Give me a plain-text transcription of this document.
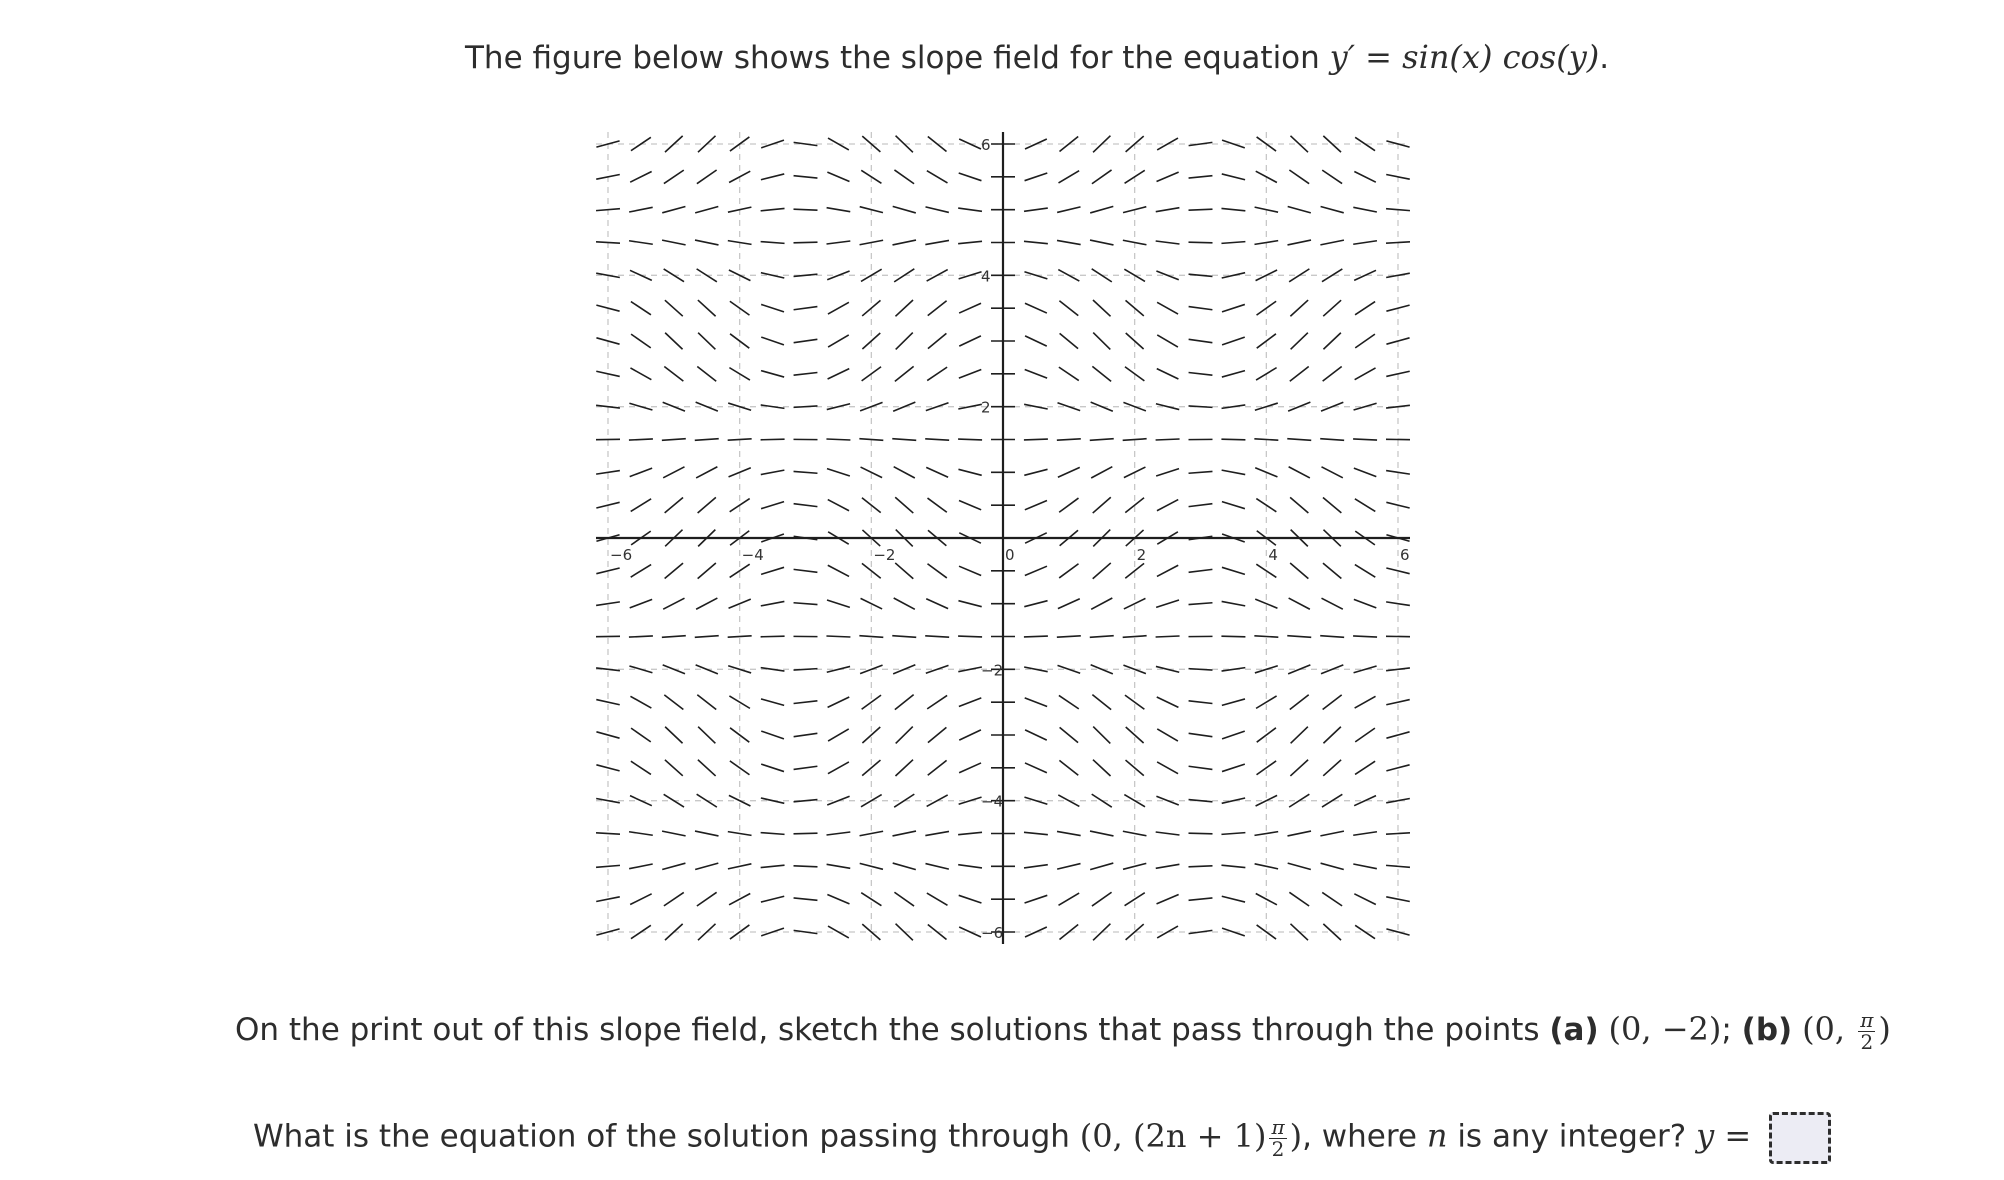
The figure below shows the slope field for the equation y′ = sin(x) cos(y).
−6	−4	−2	0	2	4	6
6
4
2
−2
−4
−6
On the print out of this slope field, sketch the solutions that pass through the points (a) (0, −2); (b) (0, $\frac{\pi}{2}$ )
What is the equation of the solution passing through (0, $(2n + 1) \frac{\pi}{2}$ ), where n is any integer? y =
